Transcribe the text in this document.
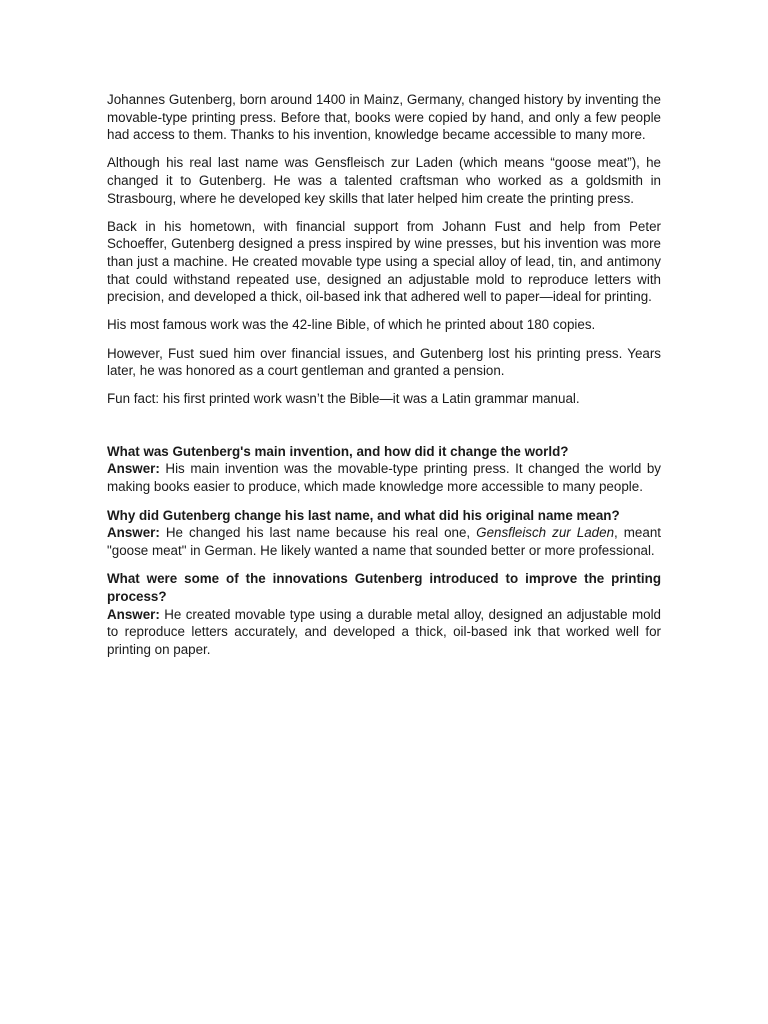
Johannes Gutenberg, born around 1400 in Mainz, Germany, changed history by inventing the movable-type printing press. Before that, books were copied by hand, and only a few people had access to them. Thanks to his invention, knowledge became accessible to many more.

Although his real last name was Gensfleisch zur Laden (which means “goose meat”), he changed it to Gutenberg. He was a talented craftsman who worked as a goldsmith in Strasbourg, where he developed key skills that later helped him create the printing press.

Back in his hometown, with financial support from Johann Fust and help from Peter Schoeffer, Gutenberg designed a press inspired by wine presses, but his invention was more than just a machine. He created movable type using a special alloy of lead, tin, and antimony that could withstand repeated use, designed an adjustable mold to reproduce letters with precision, and developed a thick, oil-based ink that adhered well to paper—ideal for printing.

His most famous work was the 42-line Bible, of which he printed about 180 copies.

However, Fust sued him over financial issues, and Gutenberg lost his printing press. Years later, he was honored as a court gentleman and granted a pension.

Fun fact: his first printed work wasn’t the Bible—it was a Latin grammar manual.

What was Gutenberg's main invention, and how did it change the world?
Answer: His main invention was the movable-type printing press. It changed the world by making books easier to produce, which made knowledge more accessible to many people.
Why did Gutenberg change his last name, and what did his original name mean?
Answer: He changed his last name because his real one, Gensfleisch zur Laden, meant "goose meat" in German. He likely wanted a name that sounded better or more professional.
What were some of the innovations Gutenberg introduced to improve the printing process?
Answer: He created movable type using a durable metal alloy, designed an adjustable mold to reproduce letters accurately, and developed a thick, oil-based ink that worked well for printing on paper.
